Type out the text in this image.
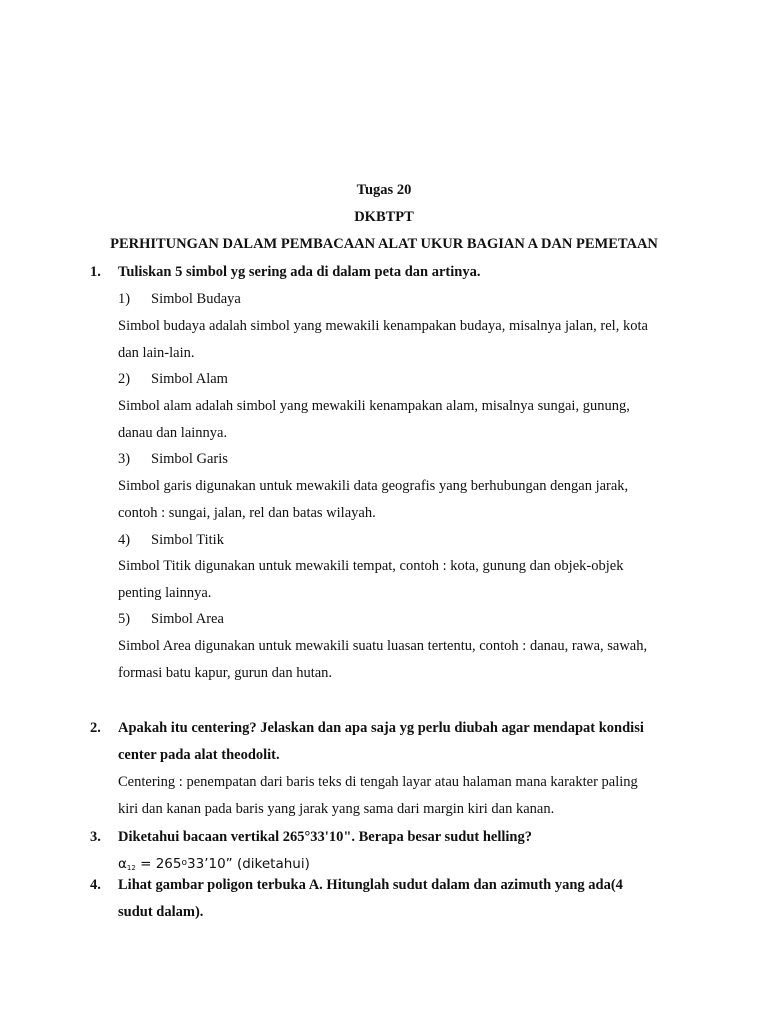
Tugas 20
DKBTPT
PERHITUNGAN DALAM PEMBACAAN ALAT UKUR BAGIAN A DAN PEMETAAN
1. Tuliskan 5 simbol yg sering ada di dalam peta dan artinya.
1) Simbol Budaya
Simbol budaya adalah simbol yang mewakili kenampakan budaya, misalnya jalan, rel, kota
dan lain-lain.
2) Simbol Alam
Simbol alam adalah simbol yang mewakili kenampakan alam, misalnya sungai, gunung,
danau dan lainnya.
3) Simbol Garis
Simbol garis digunakan untuk mewakili data geografis yang berhubungan dengan jarak,
contoh : sungai, jalan, rel dan batas wilayah.
4) Simbol Titik
Simbol Titik digunakan untuk mewakili tempat, contoh : kota, gunung dan objek-objek
penting lainnya.
5) Simbol Area
Simbol Area digunakan untuk mewakili suatu luasan tertentu, contoh : danau, rawa, sawah,
formasi batu kapur, gurun dan hutan.
2. Apakah itu centering? Jelaskan dan apa saja yg perlu diubah agar mendapat kondisi
center pada alat theodolit.
Centering : penempatan dari baris teks di tengah layar atau halaman mana karakter paling
kiri dan kanan pada baris yang jarak yang sama dari margin kiri dan kanan.
3. Diketahui bacaan vertikal 265°33'10". Berapa besar sudut helling?
$\alpha_{12}$ = $265^o33’10$” (diketahui)
4. Lihat gambar poligon terbuka A. Hitunglah sudut dalam dan azimuth yang ada(4
sudut dalam).
